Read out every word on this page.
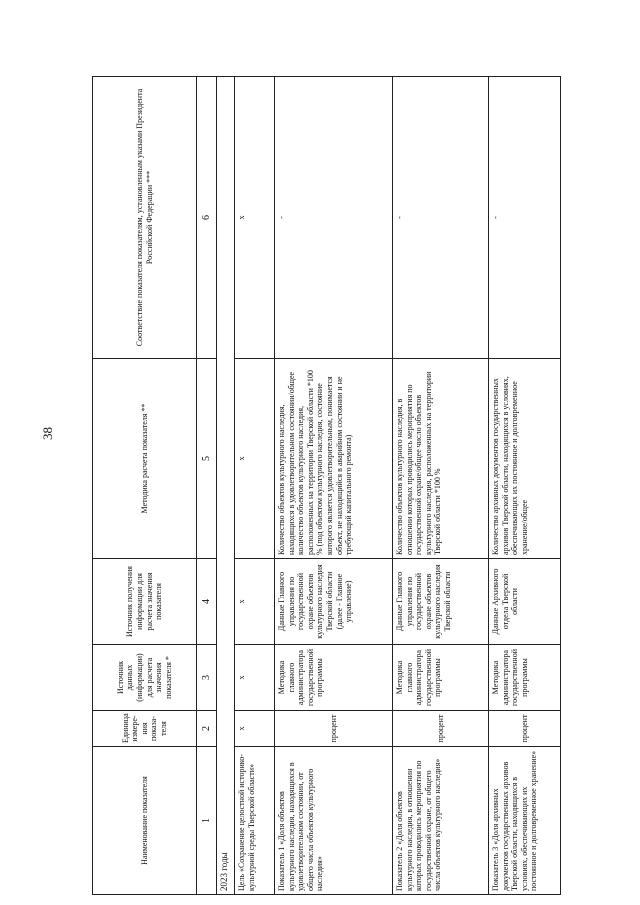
38
Наименование показателя	Единица измере-ния показа-теля	Источник данных (информации) для расчета значения показателя *	Источник получения информации для расчета значения показателя	Методика расчета показателя **	Соответствие показателя показателям, установленным указами Президента Российской Федерации ***
1	2	3	4	5	6
2023 годы					
Цель «Сохранение целостной историко-культурной среды Тверской области»	х	х	х	х	х
Показатель 1 «Доля объектов культурного наследия, находящихся в удовлетворительном состоянии, от общего числа объектов культурного наследия»	процент	Методика главного администратора государственной программы	Данные Главного управления по государственной охране объектов культурного наследия Тверской области (далее - Главное управление)	Количество объектов культурного наследия, находящихся в удовлетворительном состоянии/общее количество объектов культурного наследия, расположенных на территории Тверской области *100 % (под объектом культурного наследия, состояние которого является удовлетворительным, понимается объект, не находящийся в аварийном состоянии и не требующий капитального ремонта)	-
Показатель 2 «Доля объектов культурного наследия, в отношении которых проводились мероприятия по государственной охране, от общего числа объектов культурного наследия»	процент	Методика главного администратора государственной программы	Данные Главного управления по государственной охране объектов культурного наследия Тверской области	Количество объектов культурного наследия, в отношении которых проводились мероприятия по государственной охране/общее число объектов культурного наследия, расположенных на территории Тверской области *100 %	-
Показатель 3 «Доля архивных документов государственных архивов Тверской области, находящихся в условиях, обеспечивающих их постоянное и долговременное хранение»	процент	Методика администратора государственной программы	Данные Архивного отдела Тверской области	Количество архивных документов государственных архивов Тверской области, находящихся в условиях, обеспечивающих их постоянное и долговременное хранение/общее	-
